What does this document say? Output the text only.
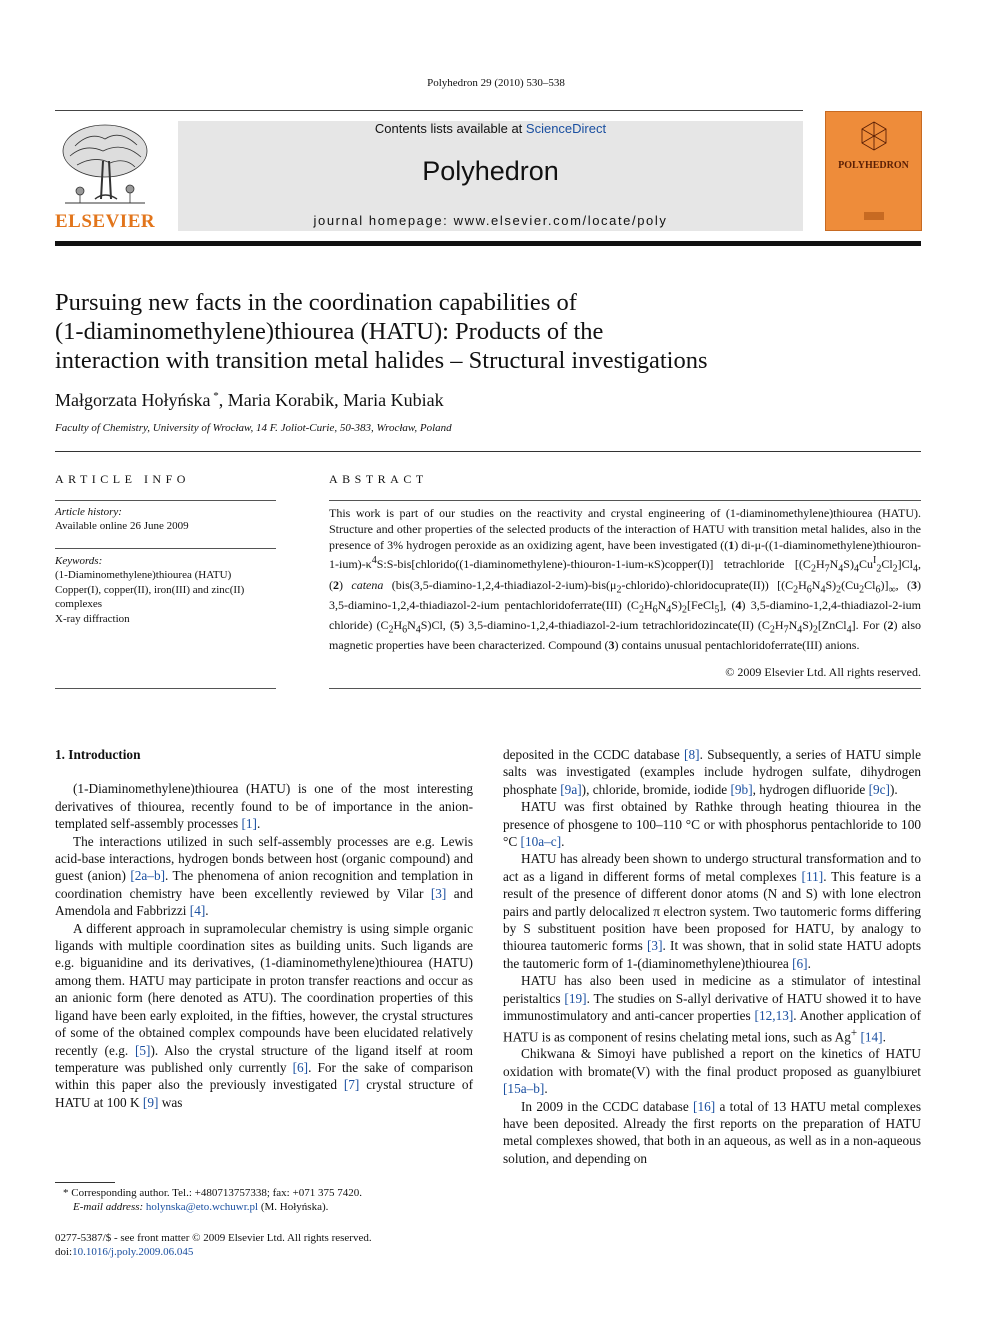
Polyhedron 29 (2010) 530–538
ELSEVIER
Contents lists available at ScienceDirect
Polyhedron
journal homepage: www.elsevier.com/locate/poly
POLYHEDRON
Pursuing new facts in the coordination capabilities of
(1-diaminomethylene)thiourea (HATU): Products of the
interaction with transition metal halides – Structural investigations
Małgorzata Hołyńska *, Maria Korabik, Maria Kubiak
Faculty of Chemistry, University of Wrocław, 14 F. Joliot-Curie, 50-383, Wrocław, Poland
ARTICLE INFO	ABSTRACT
Article history:
Available online 26 June 2009
Keywords:
(1-Diaminomethylene)thiourea (HATU)
Copper(I), copper(II), iron(III) and zinc(II)
complexes
X-ray diffraction
This work is part of our studies on the reactivity and crystal engineering of (1-diaminomethylene)thiourea (HATU). Structure and other properties of the selected products of the interaction of HATU with transition metal halides, also in the presence of 3% hydrogen peroxide as an oxidizing agent, have been investigated ((1) $di-\mu-((1-diaminomethylene)thiouron-1-ium)-\kappa^4S:S-bis[chlorido((1-diaminomethylene)-thiouron-1-ium-\kappa S)copper(I)]$ tetrachloride $[(C_2H_7N_4S)_4Cu^I_2Cl_2]Cl_4$, (2) catena $(bis(3,5-diamino-1,2,4-thiadiazol-2-ium)-bis(\mu_2-chlorido)-chloridocuprate(II))$ $[(C_2H_6N_4S)_2(Cu_2Cl_6)]_\infty$, (3) 3,5-diamino-1,2,4-thiadiazol-2-ium pentachloridoferrate(III) $(C_2H_6N_4S)_2[FeCl_5]$, (4) 3,5-diamino-1,2,4-thiadiazol-2-ium chloride) $(C_2H_6N_4S)Cl$, (5) 3,5-diamino-1,2,4-thiadiazol-2-ium tetrachloridozincate(II) $(C_2H_7N_4S)_2[ZnCl_4]$. For (2) also magnetic properties have been characterized. Compound (3) contains unusual pentachloridoferrate(III) anions.
© 2009 Elsevier Ltd. All rights reserved.

1. Introduction

(1-Diaminomethylene)thiourea (HATU) is one of the most interesting derivatives of thiourea, recently found to be of importance in the anion-templated self-assembly processes [1].

The interactions utilized in such self-assembly processes are e.g. Lewis acid-base interactions, hydrogen bonds between host (organic compound) and guest (anion) [2a–b]. The phenomena of anion recognition and templation in coordination chemistry have been excellently reviewed by Vilar [3] and Amendola and Fabbrizzi [4].

A different approach in supramolecular chemistry is using simple organic ligands with multiple coordination sites as building units. Such ligands are e.g. biguanidine and its derivatives, (1-diaminomethylene)thiourea (HATU) among them. HATU may participate in proton transfer reactions and occur as an anionic form (here denoted as ATU). The coordination properties of this ligand have been early exploited, in the fifties, however, the crystal structures of some of the obtained complex compounds have been elucidated relatively recently (e.g. [5]). Also the crystal structure of the ligand itself at room temperature was published only currently [6]. For the sake of comparison within this paper also the previously investigated [7] crystal structure of HATU at 100 K [9] was

deposited in the CCDC database [8]. Subsequently, a series of HATU simple salts was investigated (examples include hydrogen sulfate, dihydrogen phosphate [9a]), chloride, bromide, iodide [9b], hydrogen difluoride [9c]).

HATU was first obtained by Rathke through heating thiourea in the presence of phosgene to 100–110 °C or with phosphorus pentachloride to 100 °C [10a–c].

HATU has already been shown to undergo structural transformation and to act as a ligand in different forms of metal complexes [11]. This feature is a result of the presence of different donor atoms (N and S) with lone electron pairs and partly delocalized π electron system. Two tautomeric forms differing by S substituent position have been proposed for HATU, by analogy to thiourea tautomeric forms [3]. It was shown, that in solid state HATU adopts the tautomeric form of 1-(diaminomethylene)thiourea [6].

HATU has also been used in medicine as a stimulator of intestinal peristaltics [19]. The studies on S-allyl derivative of HATU showed it to have immunostimulatory and anti-cancer properties [12,13]. Another application of HATU is as component of resins chelating metal ions, such as Ag+ [14].

Chikwana & Simoyi have published a report on the kinetics of HATU oxidation with bromate(V) with the final product proposed as guanylbiuret [15a–b].

In 2009 in the CCDC database [16] a total of 13 HATU metal complexes have been deposited. Already the first reports on the preparation of HATU metal complexes showed, that both in an aqueous, as well as in a non-aqueous solution, and depending on

* Corresponding author. Tel.: +480713757338; fax: +071 375 7420.
E-mail address: holynska@eto.wchuwr.pl (M. Hołyńska).
0277-5387/$ - see front matter © 2009 Elsevier Ltd. All rights reserved.
doi:10.1016/j.poly.2009.06.045
